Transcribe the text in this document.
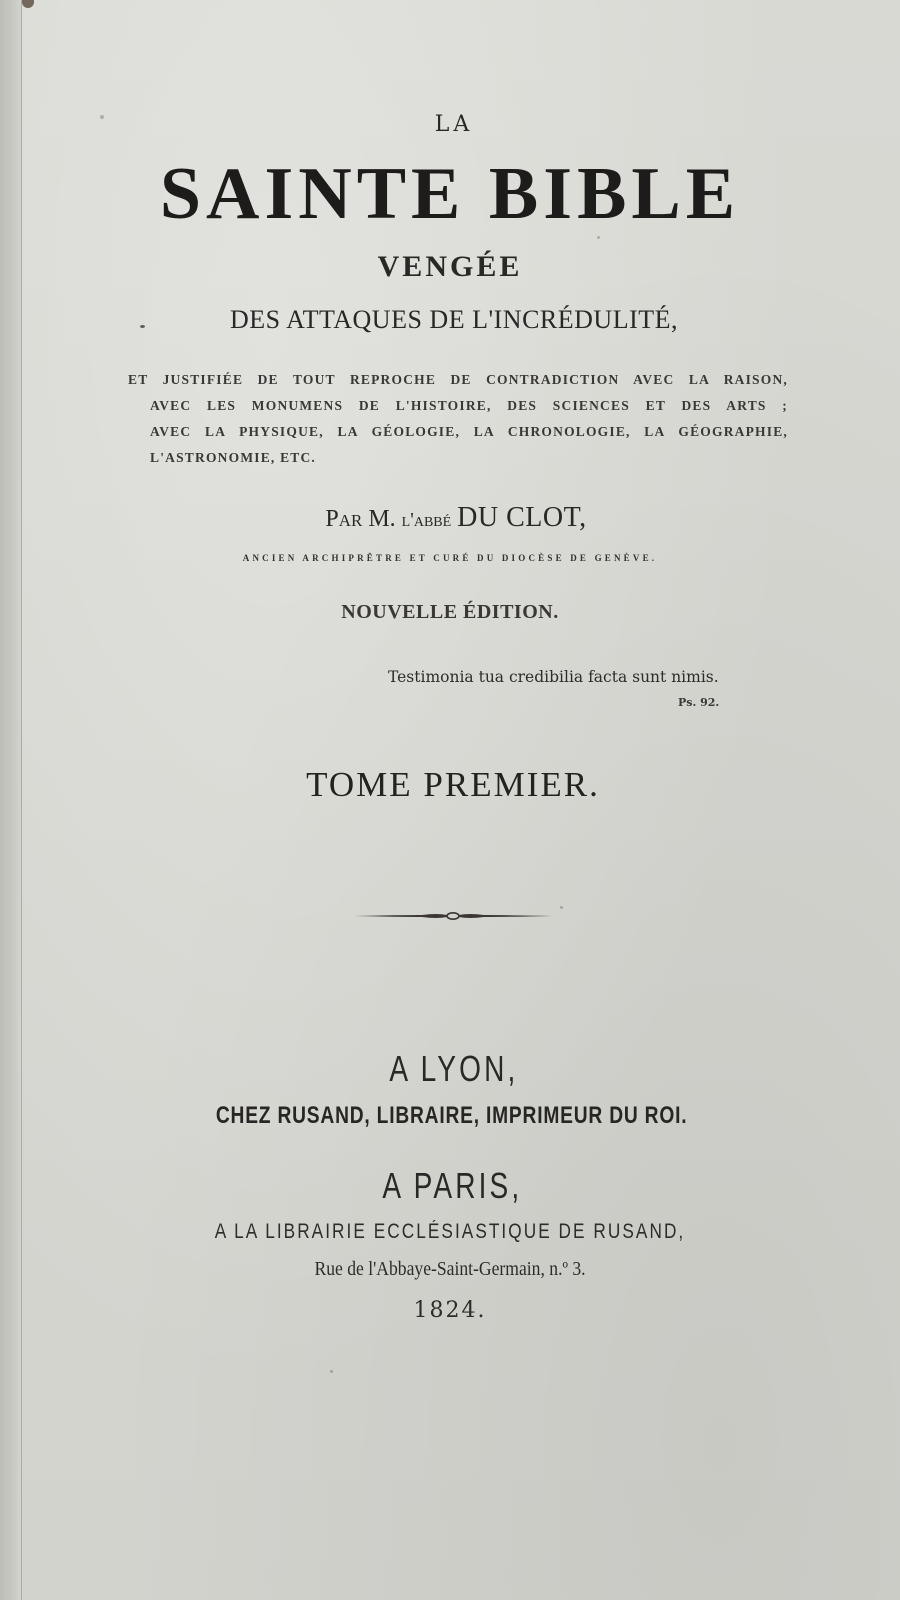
LA
SAINTE BIBLE
VENGÉE
DES ATTAQUES DE L'INCRÉDULITÉ,
ET JUSTIFIÉE DE TOUT REPROCHE DE CONTRADICTION AVEC LA RAISON,
AVEC LES MONUMENS DE L'HISTOIRE, DES SCIENCES ET DES ARTS ;
AVEC LA PHYSIQUE, LA GÉOLOGIE, LA CHRONOLOGIE, LA GÉOGRAPHIE,
L'ASTRONOMIE, ETC.
Par M. l'abbé DU CLOT,
ANCIEN ARCHIPRÊTRE ET CURÉ DU DIOCÈSE DE GENÈVE.
NOUVELLE ÉDITION.
Testimonia tua credibilia facta sunt nimis.
Ps. 92.
TOME PREMIER.
A LYON,
CHEZ RUSAND, LIBRAIRE, IMPRIMEUR DU ROI.
A PARIS,
A LA LIBRAIRIE ECCLÉSIASTIQUE DE RUSAND,
Rue de l'Abbaye-Saint-Germain, n.º 3.
1824.
